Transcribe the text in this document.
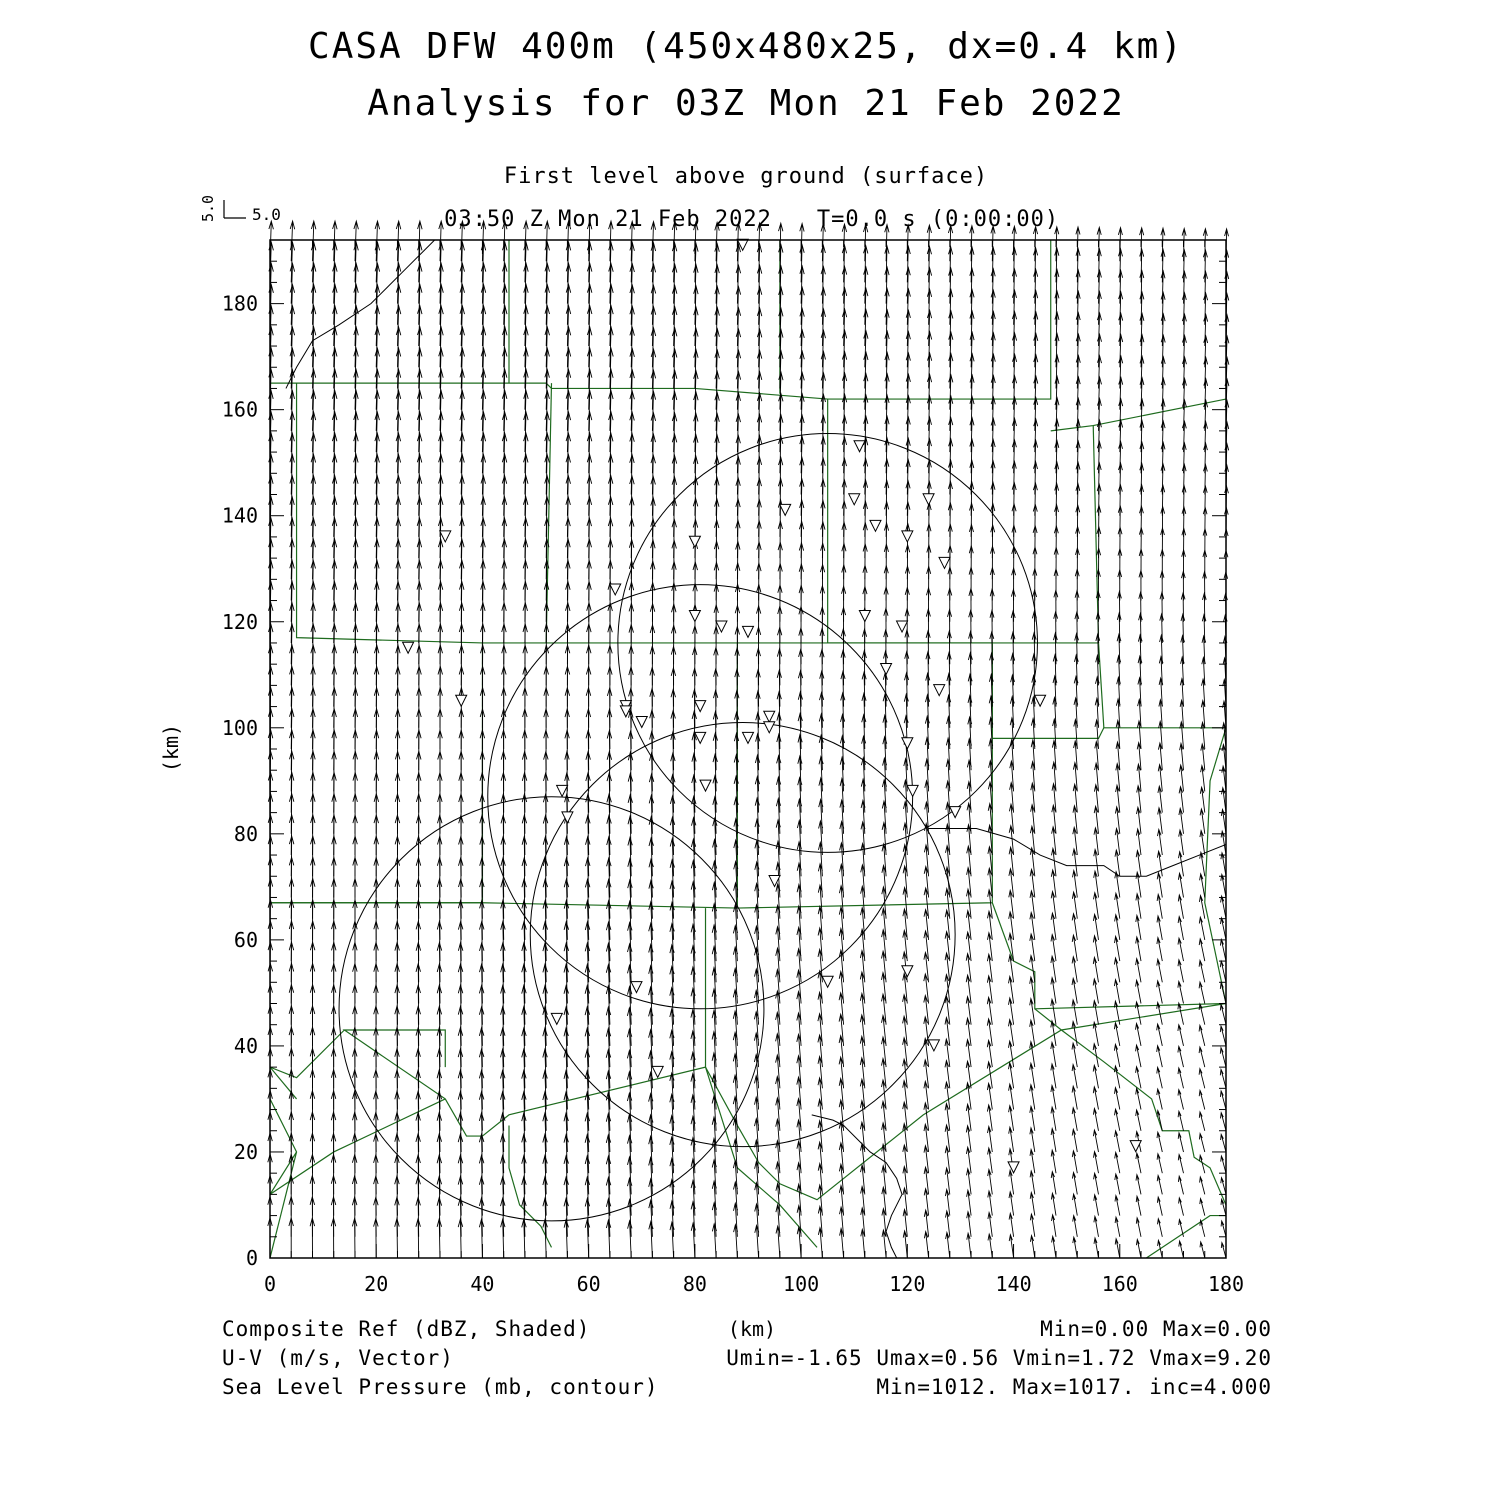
CASA DFW 400m (450x480x25, dx=0.4 km)
Analysis for 03Z Mon 21 Feb 2022
First level above ground (surface)
03:50 Z Mon 21 Feb 2022 T=0.0 s (0:00:00)
5.0 5.0
0	20	40	60	80	100	120	140	160	180
0
20
40
60
80
100
120
140
160
180
(km)
(km)
Composite Ref (dBZ, Shaded)	Min=0.00 Max=0.00
U-V (m/s, Vector)	Umin=-1.65 Umax=0.56 Vmin=1.72 Vmax=9.20
Sea Level Pressure (mb, contour)	Min=1012. Max=1017. inc=4.000
